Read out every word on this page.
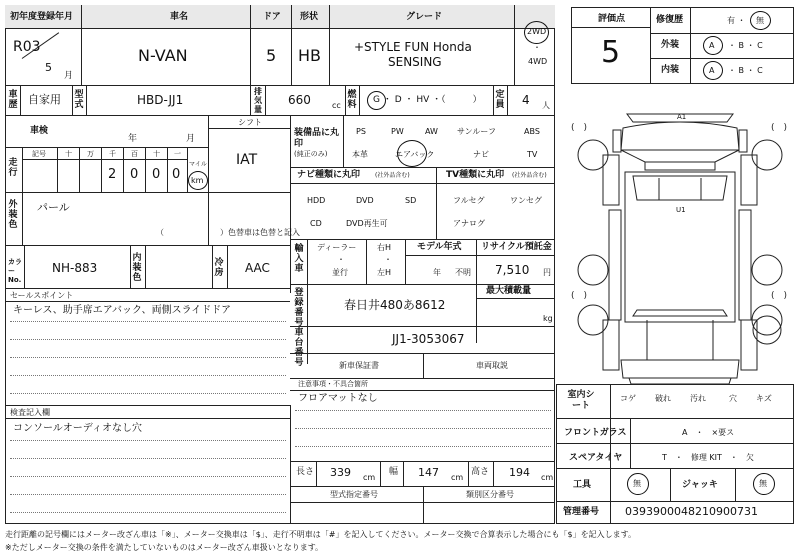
初年度登録年月	車名	ドア 形状	グレード
R03
5
月
N-VAN	5 HB	+STYLE FUN Honda
SENSING
2WD
・
4WD
車歴 自家用 型式	HBD-JJ1
排気量
660	cc
燃料 G ・ D ・ HV ・（　　　） 定員 4 人
車検
年	月
走行
記号	十 万 千 百 十 一
2 0 0 0
マイル
km
シフト
IAT
外装色
パール
（　　　　　　　）色替車は色替と記入
カラーNo.
NH-883
内装色
冷房 AAC
セールスポイント
キーレス、助手席エアバック、両側スライドドア
検査記入欄
コンソールオーディオなし穴
装備品に丸印
(純正のみ)
PS	PW	AW サンルーフ	ABS
本革	エアバック	ナビ	TV
ナビ種類に丸印 (社外品含む)	TV種類に丸印 (社外品含む)
HDD	DVD	SD
CD	DVD再生可
フルセグ	ワンセグ
アナログ
輸入車
ディーラー
・
並行
右H
・
左H
モデル年式
年 不明
リサイクル預託金
7,510 円
登録番号
春日井480あ8612
最大積載量
kg
車台番号
JJ1-3053067
新車保証書	車両取説
注意事項・不具合箇所
フロアマットなし
長さ 339 cm
幅 147 cm
高さ 194 cm
型式指定番号	類別区分番号
評価点
5
修復歴	有 ・ 無
外装	A ・ B ・ C
内装	A ・ B ・ C
(　)	(　)
(　)	(　)
A1
U1
室内シート
コゲ 破れ 汚れ	穴 キズ
フロントガラス	A　・　×要ス
スペアタイヤ	T　・　修理 KIT　・　欠
工具	無	ジャッキ	無
管理番号 0393900048210900731
走行距離の記号欄にはメーター改ざん車は「※」、メーター交換車は「$」、走行不明車は「#」を記入してください。メーター交換で合算表示した場合にも「$」を記入します。
※ただしメーター交換の条件を満たしていないものはメーター改ざん車扱いとなります。
